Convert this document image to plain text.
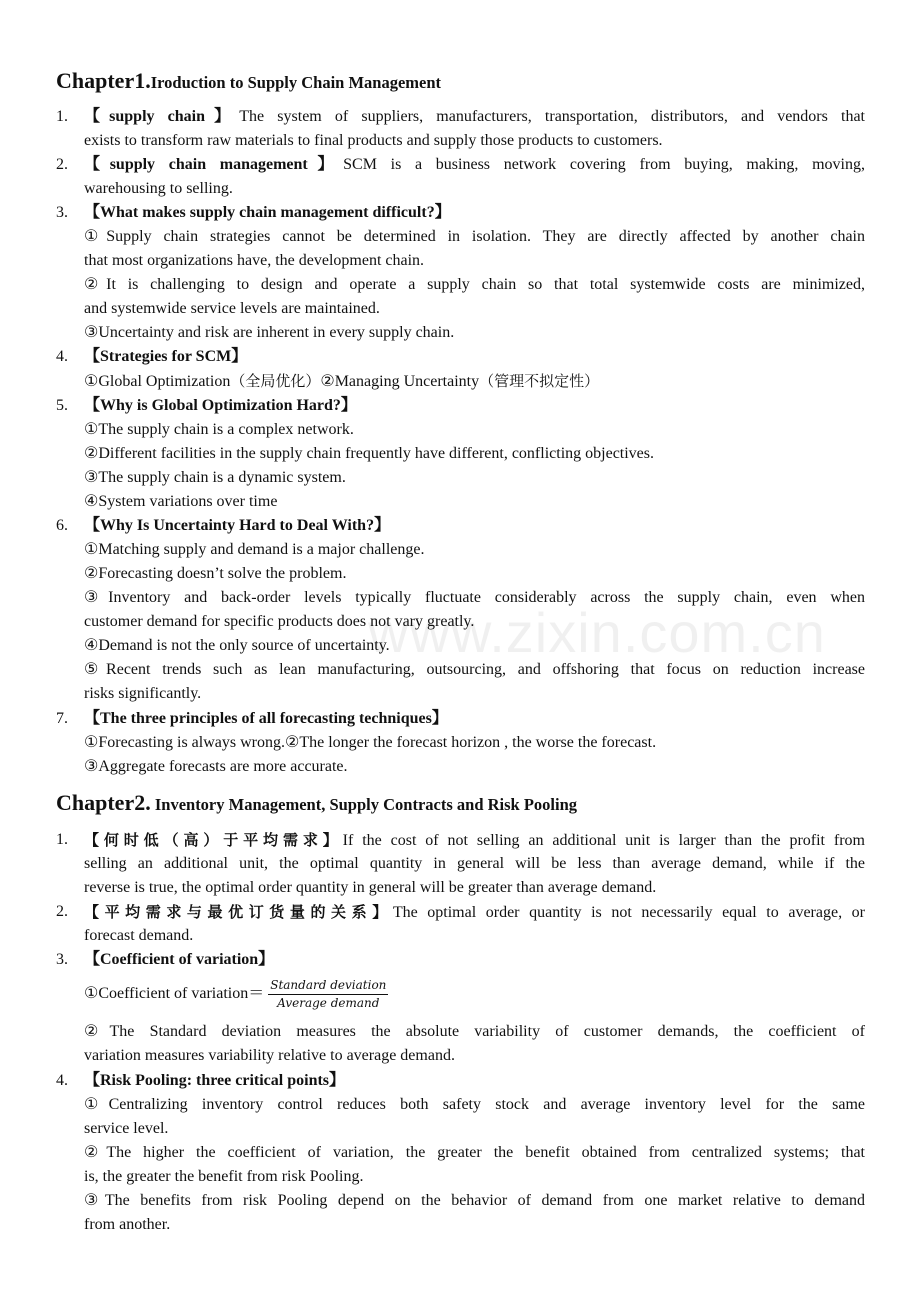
www.zixin.com.cn
Chapter1.Iroduction to Supply Chain Management
1. 【supply chain】The system of suppliers, manufacturers, transportation, distributors, and vendors that
exists to transform raw materials to final products and supply those products to customers.
2. 【supply chain management】SCM is a business network covering from buying, making, moving,
warehousing to selling.
3. 【What makes supply chain management difficult?】
①Supply chain strategies cannot be determined in isolation. They are directly affected by another chain
that most organizations have, the development chain.
②It is challenging to design and operate a supply chain so that total systemwide costs are minimized,
and systemwide service levels are maintained.
③Uncertainty and risk are inherent in every supply chain.
4. 【Strategies for SCM】
①Global Optimization（全局优化）②Managing Uncertainty（管理不拟定性）
5. 【Why is Global Optimization Hard?】
①The supply chain is a complex network.
②Different facilities in the supply chain frequently have different, conflicting objectives.
③The supply chain is a dynamic system.
④System variations over time
6. 【Why Is Uncertainty Hard to Deal With?】
①Matching supply and demand is a major challenge.
②Forecasting doesn’t solve the problem.
③Inventory and back-order levels typically fluctuate considerably across the supply chain, even when
customer demand for specific products does not vary greatly.
④Demand is not the only source of uncertainty.
⑤Recent trends such as lean manufacturing, outsourcing, and offshoring that focus on reduction increase
risks significantly.
7. 【The three principles of all forecasting techniques】
①Forecasting is always wrong.②The longer the forecast horizon , the worse the forecast.
③Aggregate forecasts are more accurate.
Chapter2. Inventory Management, Supply Contracts and Risk Pooling
1. 【何时低（高）于平均需求】If the cost of not selling an additional unit is larger than the profit from
selling an additional unit, the optimal quantity in general will be less than average demand, while if the
reverse is true, the optimal order quantity in general will be greater than average demand.
2. 【平均需求与最优订货量的关系】The optimal order quantity is not necessarily equal to average, or
forecast demand.
3. 【Coefficient of variation】
①Coefficient of variation＝ $\frac{\text{Standard deviation}}{\text{Average demand}}$
②The Standard deviation measures the absolute variability of customer demands, the coefficient of
variation measures variability relative to average demand.
4. 【Risk Pooling: three critical points】
①Centralizing inventory control reduces both safety stock and average inventory level for the same
service level.
②The higher the coefficient of variation, the greater the benefit obtained from centralized systems; that
is, the greater the benefit from risk Pooling.
③The benefits from risk Pooling depend on the behavior of demand from one market relative to demand
from another.
